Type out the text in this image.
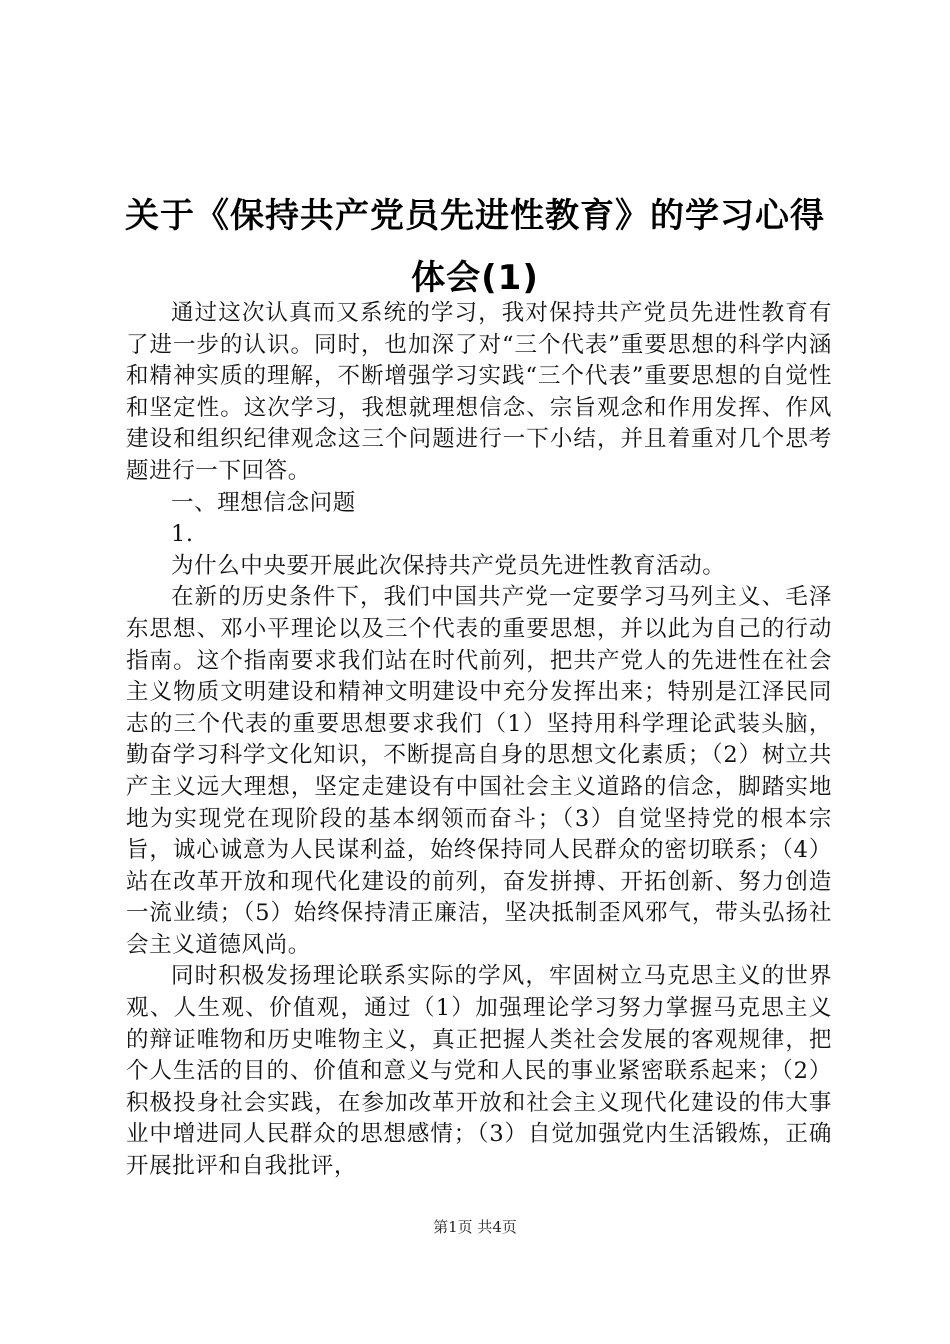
关于《保持共产党员先进性教育》的学习心得体会(1)

通过这次认真而又系统的学习，我对保持共产党员先进性教育有了进一步的认识。同时，也加深了对“三个代表”重要思想的科学内涵和精神实质的理解，不断增强学习实践“三个代表”重要思想的自觉性和坚定性。这次学习，我想就理想信念、宗旨观念和作用发挥、作风建设和组织纪律观念这三个问题进行一下小结，并且着重对几个思考题进行一下回答。

一、理想信念问题

1.

为什么中央要开展此次保持共产党员先进性教育活动。

在新的历史条件下，我们中国共产党一定要学习马列主义、毛泽东思想、邓小平理论以及三个代表的重要思想，并以此为自己的行动指南。这个指南要求我们站在时代前列，把共产党人的先进性在社会主义物质文明建设和精神文明建设中充分发挥出来；特别是江泽民同志的三个代表的重要思想要求我们（1）坚持用科学理论武装头脑，勤奋学习科学文化知识，不断提高自身的思想文化素质；（2）树立共产主义远大理想，坚定走建设有中国社会主义道路的信念，脚踏实地地为实现党在现阶段的基本纲领而奋斗；（3）自觉坚持党的根本宗旨，诚心诚意为人民谋利益，始终保持同人民群众的密切联系；（4）站在改革开放和现代化建设的前列，奋发拼搏、开拓创新、努力创造一流业绩；（5）始终保持清正廉洁，坚决抵制歪风邪气，带头弘扬社会主义道德风尚。

同时积极发扬理论联系实际的学风，牢固树立马克思主义的世界观、人生观、价值观，通过（1）加强理论学习努力掌握马克思主义的辩证唯物和历史唯物主义，真正把握人类社会发展的客观规律，把个人生活的目的、价值和意义与党和人民的事业紧密联系起来；（2）积极投身社会实践，在参加改革开放和社会主义现代化建设的伟大事业中增进同人民群众的思想感情；（3）自觉加强党内生活锻炼，正确开展批评和自我批评，

第1页 共4页
